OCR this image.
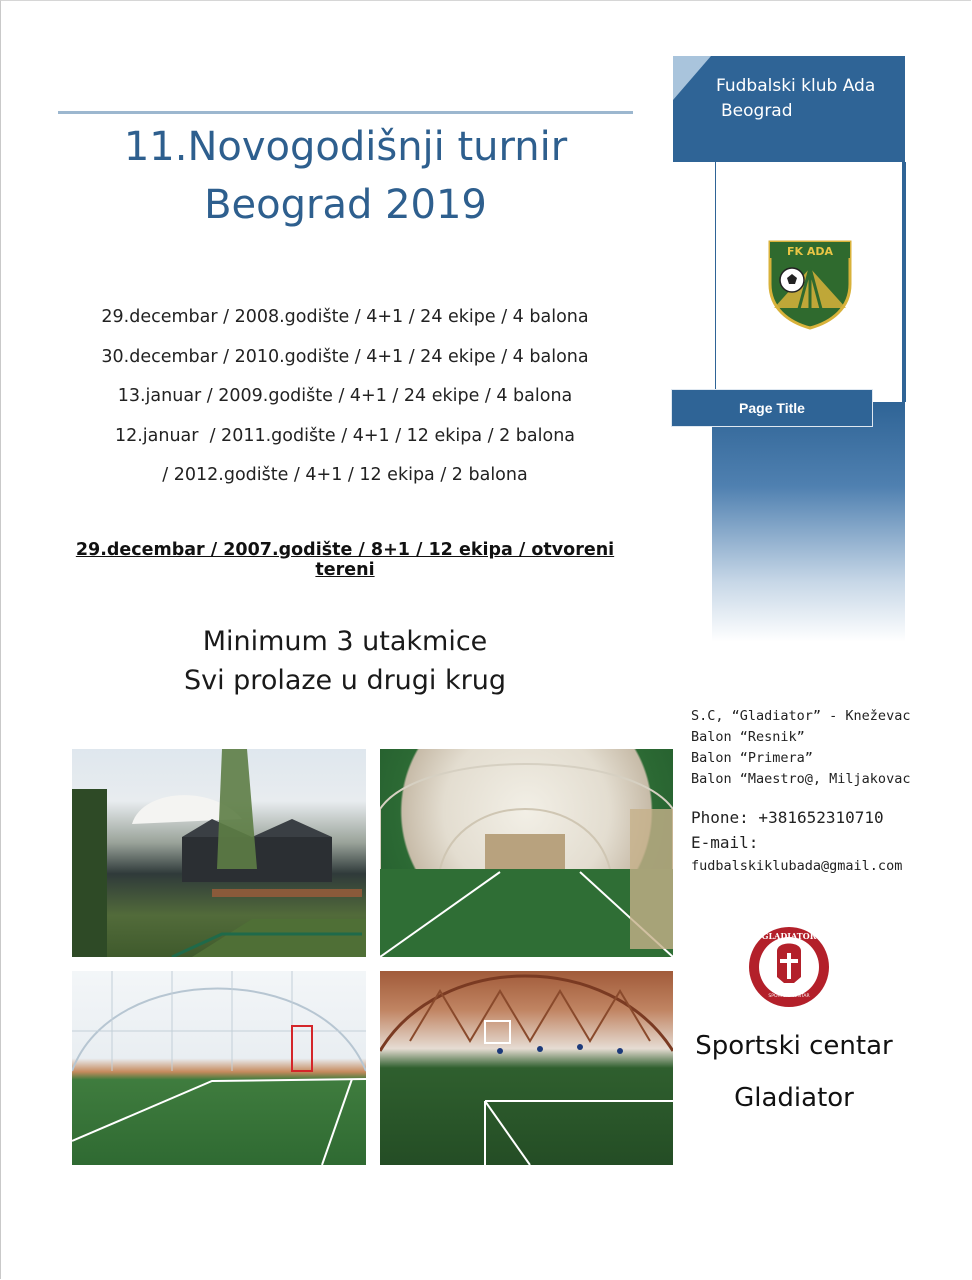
11.Novogodišnji turnir
Beograd 2019
29.decembar / 2008.godište / 4+1 / 24 ekipe / 4 balona
30.decembar / 2010.godište / 4+1 / 24 ekipe / 4 balona
13.januar / 2009.godište / 4+1 / 24 ekipe / 4 balona
12.januar  / 2011.godište / 4+1 / 12 ekipa / 2 balona
/ 2012.godište / 4+1 / 12 ekipa / 2 balona
29.decembar / 2007.godište / 8+1 / 12 ekipa / otvoreni tereni
Minimum 3 utakmice
Svi prolaze u drugi krug
Fudbalski klub Ada
Beograd
FK ADA
Page Title
S.C, “Gladiator” - Kneževac
Balon “Resnik”
Balon “Primera”
Balon “Maestro@, Miljakovac
Phone: +381652310710
E-mail:
fudbalskiklubada@gmail.com
GLADIATOR
SPORTSKI CENTAR
Sportski centar
Gladiator
